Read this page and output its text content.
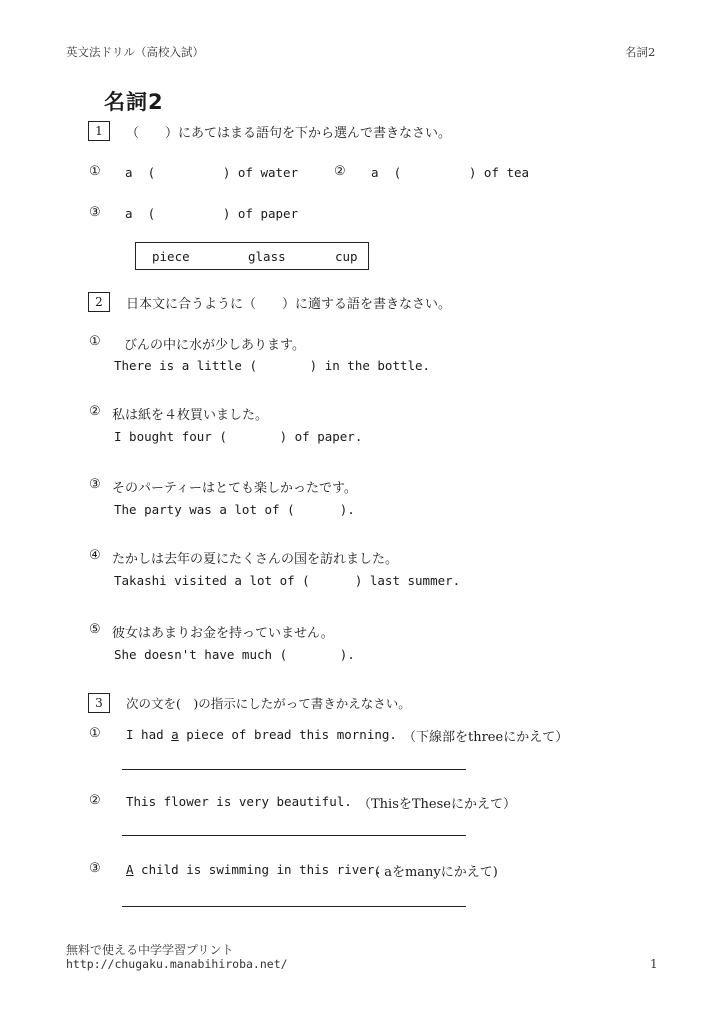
英文法ドリル（高校入試）	名詞2
名詞2
1	（　　）にあてはまる語句を下から選んで書きなさい。
① a  (         ) of water	② a  (         ) of tea
③ a  (         ) of paper
piece	glass	cup
2	日本文に合うように（　　）に適する語を書きなさい。
① びんの中に水が少しあります。
There is a little (       ) in the bottle.
② 私は紙を４枚買いました。
I bought four (       ) of paper.
③ そのパーティーはとても楽しかったです。
The party was a lot of (      ).
④ たかしは去年の夏にたくさんの国を訪れました。
Takashi visited a lot of (      ) last summer.
⑤ 彼女はあまりお金を持っていません。
She doesn't have much (       ).
3	次の文を(　)の指示にしたがって書きかえなさい。
① I had a piece of bread this morning. （下線部をthreeにかえて）
② This flower is very beautiful. （ThisをTheseにかえて）
③ A child is swimming in this river.
( aをmanyにかえて)
無料で使える中学学習プリント
http://chugaku.manabihiroba.net/	1
